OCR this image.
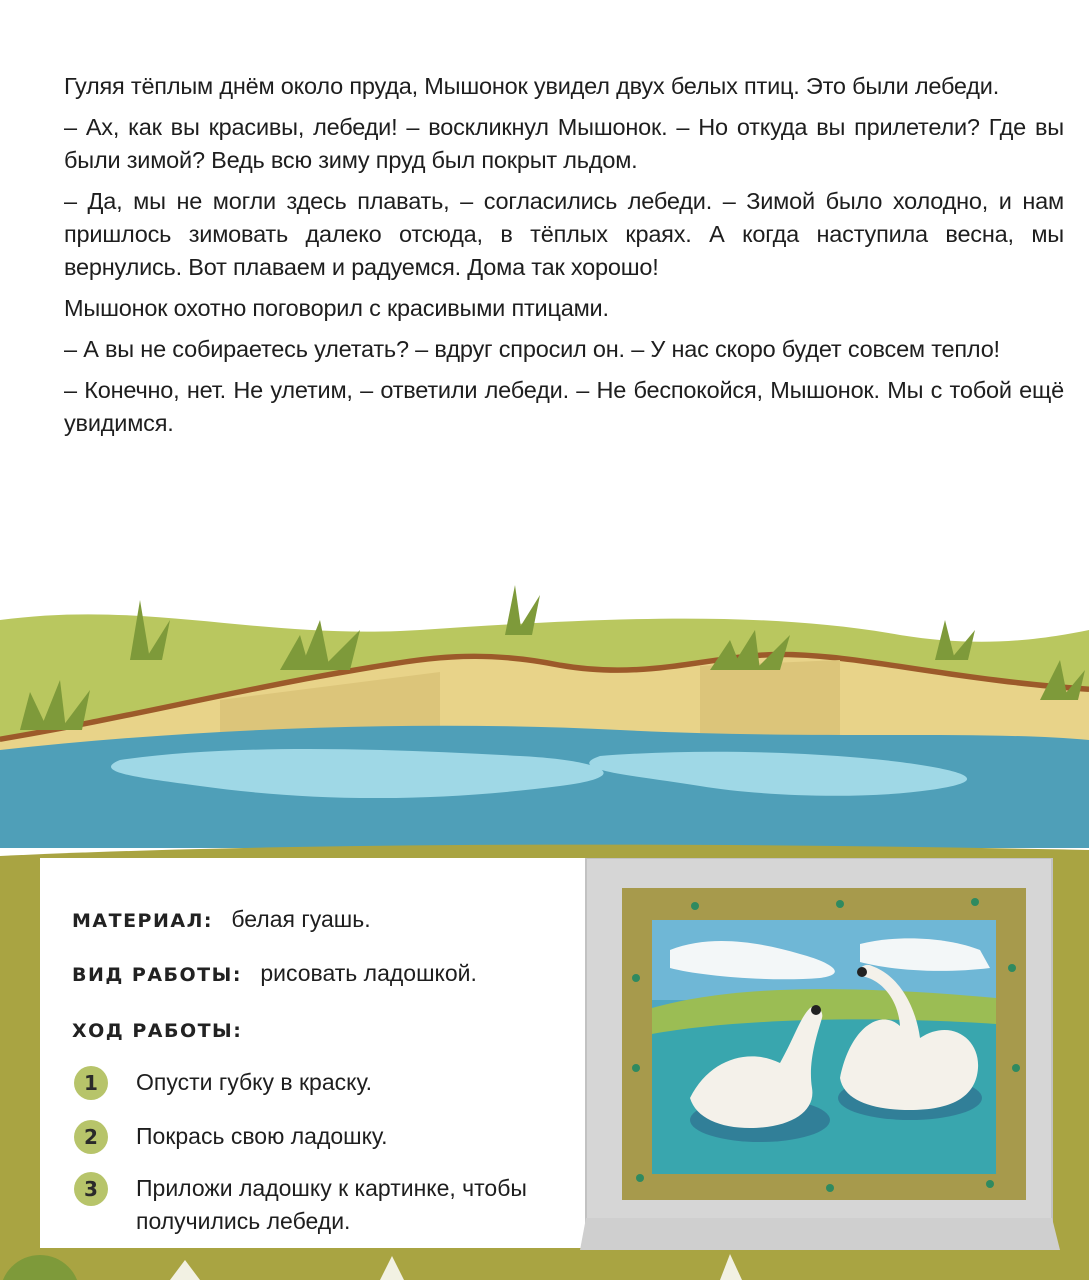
Гуляя тёплым днём около пруда, Мышонок увидел двух белых птиц. Это были лебеди.

– Ах, как вы красивы, лебеди! – воскликнул Мышонок. – Но откуда вы прилетели? Где вы были зимой? Ведь всю зиму пруд был покрыт льдом.

– Да, мы не могли здесь плавать, – согласились лебеди. – Зимой было холодно, и нам пришлось зимовать далеко отсюда, в тёплых краях. А когда наступила весна, мы вернулись. Вот плаваем и радуемся. Дома так хорошо!

Мышонок охотно поговорил с красивыми птицами.

– А вы не собираетесь улетать? – вдруг спросил он. – У нас скоро будет совсем тепло!

– Конечно, нет. Не улетим, – ответили лебеди. – Не беспокойся, Мышонок. Мы с тобой ещё увидимся.

МАТЕРИАЛ: белая гуашь.
ВИД РАБОТЫ: рисовать ладошкой.
ХОД РАБОТЫ:
1	Опусти губку в краску.
2	Покрась свою ладошку.
3	Приложи ладошку к картинке, чтобы получились лебеди.
